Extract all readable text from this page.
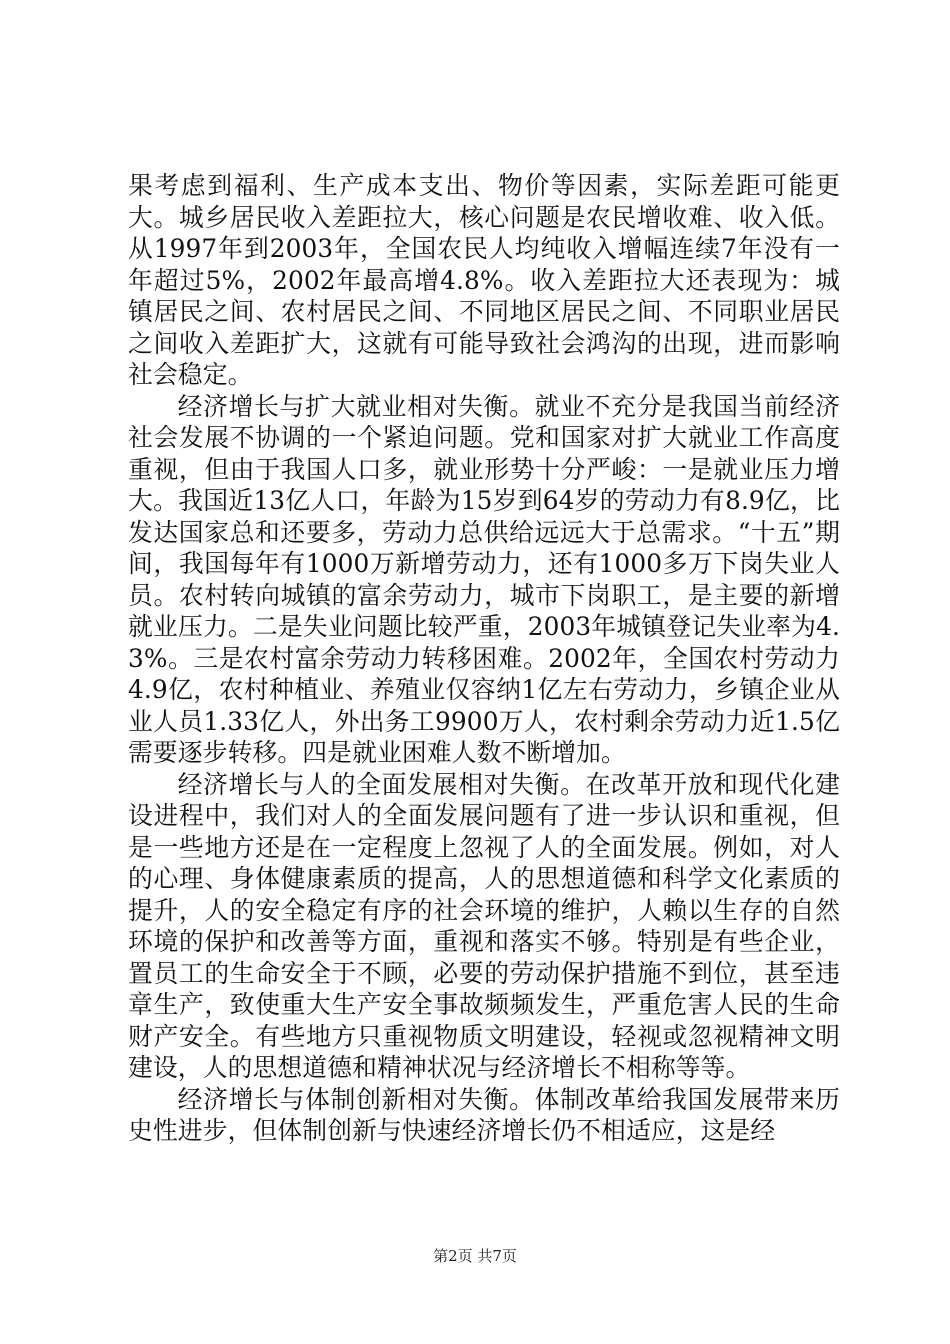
果考虑到福利、生产成本支出、物价等因素，实际差距可能更大。城乡居民收入差距拉大，核心问题是农民增收难、收入低。从1997年到2003年，全国农民人均纯收入增幅连续7年没有一年超过5%，2002年最高增4.8%。收入差距拉大还表现为：城镇居民之间、农村居民之间、不同地区居民之间、不同职业居民之间收入差距扩大，这就有可能导致社会鸿沟的出现，进而影响社会稳定。

经济增长与扩大就业相对失衡。就业不充分是我国当前经济社会发展不协调的一个紧迫问题。党和国家对扩大就业工作高度重视，但由于我国人口多，就业形势十分严峻：一是就业压力增大。我国近13亿人口，年龄为15岁到64岁的劳动力有8.9亿，比发达国家总和还要多，劳动力总供给远远大于总需求。“十五”期间，我国每年有1000万新增劳动力，还有1000多万下岗失业人员。农村转向城镇的富余劳动力，城市下岗职工，是主要的新增就业压力。二是失业问题比较严重，2003年城镇登记失业率为4.3%。三是农村富余劳动力转移困难。2002年，全国农村劳动力4.9亿，农村种植业、养殖业仅容纳1亿左右劳动力，乡镇企业从业人员1.33亿人，外出务工9900万人，农村剩余劳动力近1.5亿需要逐步转移。四是就业困难人数不断增加。

经济增长与人的全面发展相对失衡。在改革开放和现代化建设进程中，我们对人的全面发展问题有了进一步认识和重视，但是一些地方还是在一定程度上忽视了人的全面发展。例如，对人的心理、身体健康素质的提高，人的思想道德和科学文化素质的提升，人的安全稳定有序的社会环境的维护，人赖以生存的自然环境的保护和改善等方面，重视和落实不够。特别是有些企业，置员工的生命安全于不顾，必要的劳动保护措施不到位，甚至违章生产，致使重大生产安全事故频频发生，严重危害人民的生命财产安全。有些地方只重视物质文明建设，轻视或忽视精神文明建设，人的思想道德和精神状况与经济增长不相称等等。

经济增长与体制创新相对失衡。体制改革给我国发展带来历史性进步，但体制创新与快速经济增长仍不相适应，这是经

第2页 共7页
